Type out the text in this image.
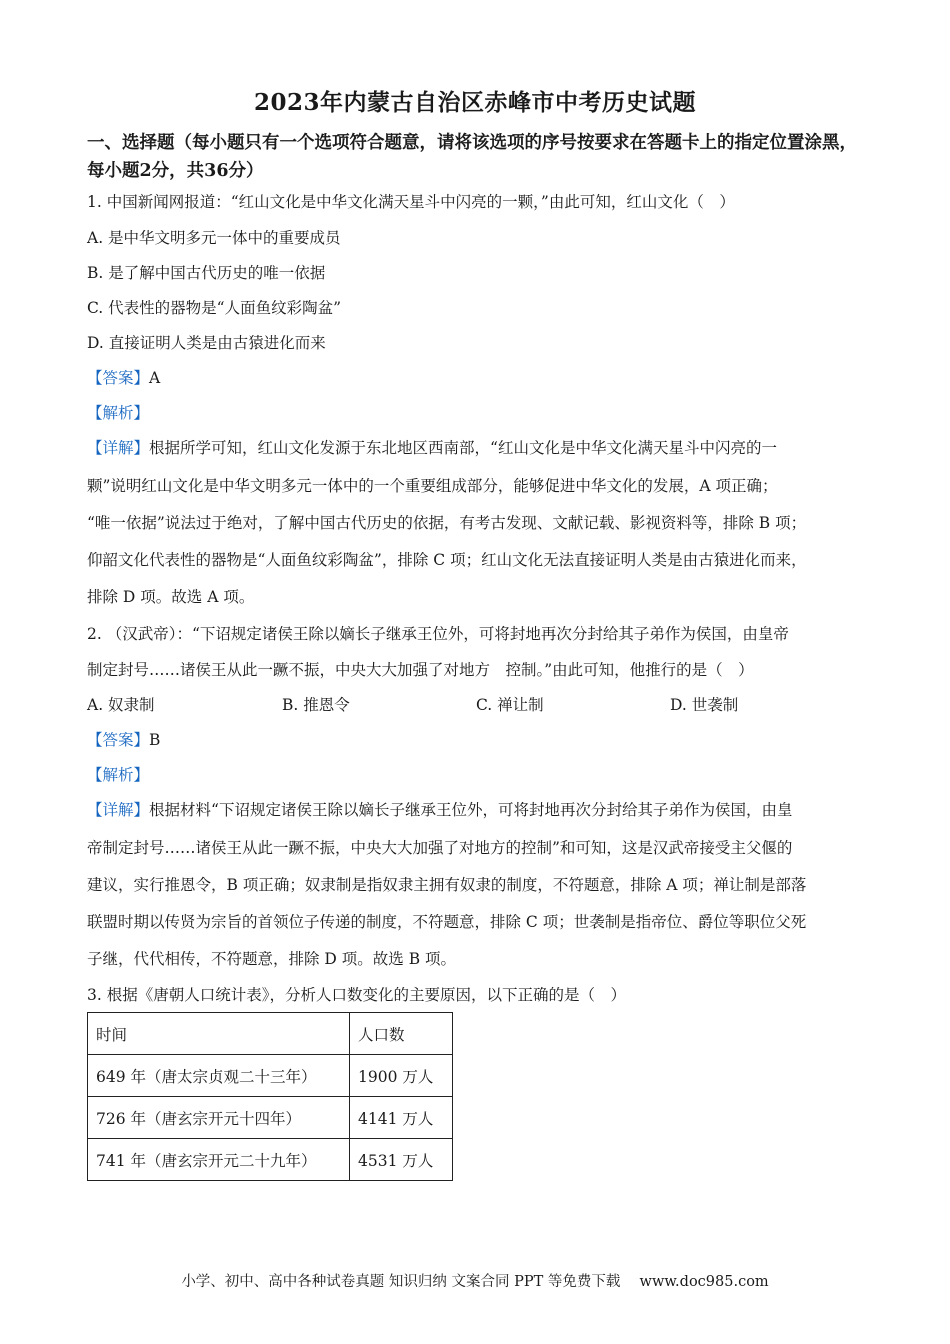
2023年内蒙古自治区赤峰市中考历史试题
一、选择题（每小题只有一个选项符合题意，请将该选项的序号按要求在答题卡上的指定位置涂黑，每小题2分，共36分）
1. 中国新闻网报道：“红山文化是中华文化满天星斗中闪亮的一颗，”由此可知，红山文化（　）
A. 是中华文明多元一体中的重要成员
B. 是了解中国古代历史的唯一依据
C. 代表性的器物是“人面鱼纹彩陶盆”
D. 直接证明人类是由古猿进化而来
【答案】A
【解析】
【详解】根据所学可知，红山文化发源于东北地区西南部，“红山文化是中华文化满天星斗中闪亮的一
颗”说明红山文化是中华文明多元一体中的一个重要组成部分，能够促进中华文化的发展，A 项正确；
“唯一依据”说法过于绝对，了解中国古代历史的依据，有考古发现、文献记载、影视资料等，排除 B 项；
仰韶文化代表性的器物是“人面鱼纹彩陶盆”，排除 C 项；红山文化无法直接证明人类是由古猿进化而来，
排除 D 项。故选 A 项。
2. （汉武帝）：“下诏规定诸侯王除以嫡长子继承王位外，可将封地再次分封给其子弟作为侯国，由皇帝
制定封号……诸侯王从此一蹶不振，中央大大加强了对地方　控制。”由此可知，他推行的是（　）
A. 奴隶制	B. 推恩令	C. 禅让制	D. 世袭制
【答案】B
【解析】
【详解】根据材料“下诏规定诸侯王除以嫡长子继承王位外，可将封地再次分封给其子弟作为侯国，由皇
帝制定封号……诸侯王从此一蹶不振，中央大大加强了对地方的控制”和可知，这是汉武帝接受主父偃的
建议，实行推恩令，B 项正确；奴隶制是指奴隶主拥有奴隶的制度，不符题意，排除 A 项；禅让制是部落
联盟时期以传贤为宗旨的首领位子传递的制度，不符题意，排除 C 项；世袭制是指帝位、爵位等职位父死
子继，代代相传，不符题意，排除 D 项。故选 B 项。
3. 根据《唐朝人口统计表》，分析人口数变化的主要原因，以下正确的是（　）
时间	人口数
649 年（唐太宗贞观二十三年）	1900 万人
726 年（唐玄宗开元十四年）	4141 万人
741 年（唐玄宗开元二十九年）	4531 万人
小学、初中、高中各种试卷真题 知识归纳 文案合同 PPT 等免费下载　 www.doc985.com
